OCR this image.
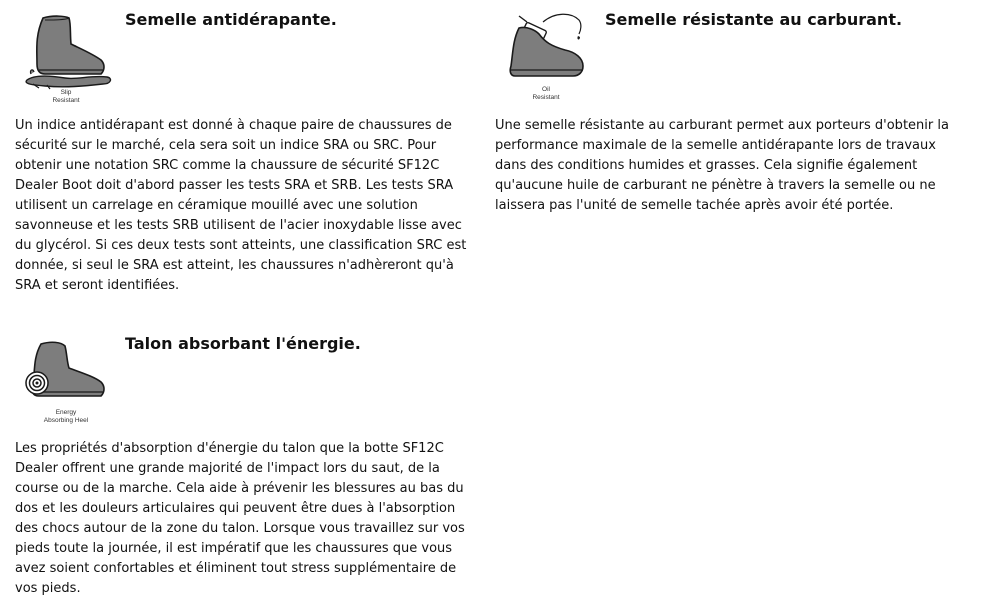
Slip
Resistant
Semelle antidérapante.

Un indice antidérapant est donné à chaque paire de chaussures de sécurité sur le marché, cela sera soit un indice SRA ou SRC. Pour obtenir une notation SRC comme la chaussure de sécurité SF12C Dealer Boot doit d'abord passer les tests SRA et SRB. Les tests SRA utilisent un carrelage en céramique mouillé avec une solution savonneuse et les tests SRB utilisent de l'acier inoxydable lisse avec du glycérol. Si ces deux tests sont atteints, une classification SRC est donnée, si seul le SRA est atteint, les chaussures n'adhèreront qu'à SRA et seront identifiées.

Oil
Resistant
Semelle résistante au carburant.

Une semelle résistante au carburant permet aux porteurs d'obtenir la performance maximale de la semelle antidérapante lors de travaux dans des conditions humides et grasses. Cela signifie également qu'aucune huile de carburant ne pénètre à travers la semelle ou ne laissera pas l'unité de semelle tachée après avoir été portée.

Energy
Absorbing Heel
Talon absorbant l'énergie.

Les propriétés d'absorption d'énergie du talon que la botte SF12C Dealer offrent une grande majorité de l'impact lors du saut, de la course ou de la marche. Cela aide à prévenir les blessures au bas du dos et les douleurs articulaires qui peuvent être dues à l'absorption des chocs autour de la zone du talon. Lorsque vous travaillez sur vos pieds toute la journée, il est impératif que les chaussures que vous avez soient confortables et éliminent tout stress supplémentaire de vos pieds.
